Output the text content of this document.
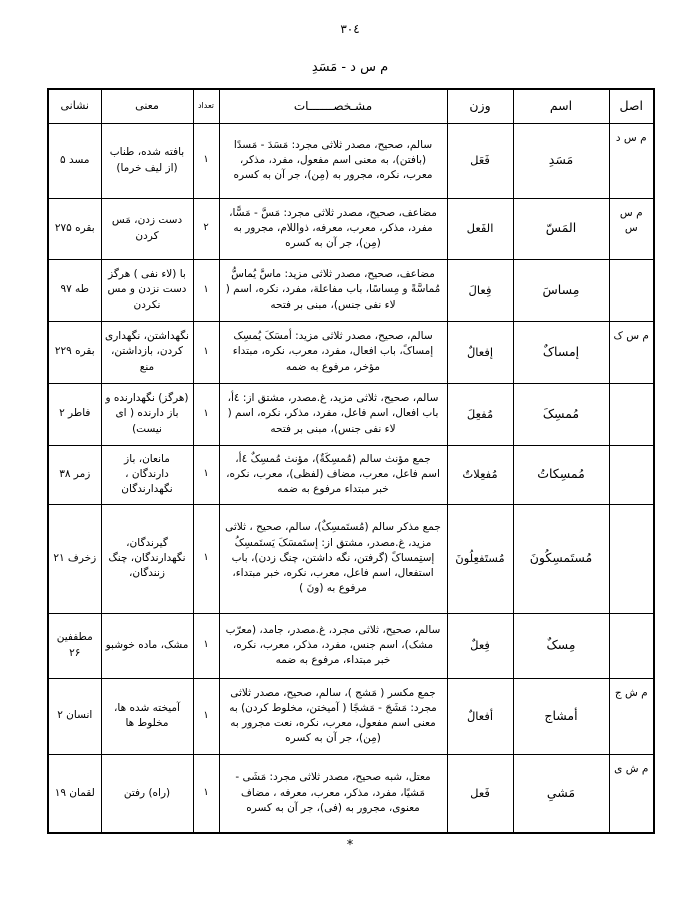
٣٠٤
م س د - مَسَدِ
اصل	اسم	وزن	مشـخصـــــــات	تعداد	معنى	نشانى
م س د	مَسَدِ	فَعَل	سالم، صحیح، مصدر ثلاثی مجرد: مَسَدَ - مَسدًا (بافتن)، به معنی اسم مفعول، مفرد، مذکر، معرب، نکره، مجرور به (مِن)، جر آن به کسره	١	بافته شده، طناب (از لیف خرما)	مسد ۵
م س س	المَسّ	الفَعل	مضاعف، صحیح، مصدر ثلاثی مجرد: مَسَّ - مَسًّا، مفرد، مذکر، معرب، معرفه، ذواللام، مجرور به (مِن)، جر آن به کسره	٢	دست زدن، مَس کردن	بقره ۲۷۵
	مِساسَ	فِعالَ	مضاعف، صحیح، مصدر ثلاثی مزید: ماسَّ یُماسُّ مُماسَّةً و مِساسًا، باب مفاعلة، مفرد، نکره، اسم ( لاء نفی جنس)، مبنی بر فتحه	١	با (لاء نفی ) هرگز دست نزدن و مس نکردن	طه ۹۷
م س ک	إمساکٌ	إفعالٌ	سالم، صحیح، مصدر ثلاثی مزید: أمسَکَ یُمسِک إمساکً، باب افعال، مفرد، معرب، نکره، مبتداء مؤخر، مرفوع به ضمه	١	نگهداشتن، نگهداری کردن، بازداشتن، منع	بقره ۲۲۹
	مُمسِکَ	مُفعِلَ	سالم، صحیح، ثلاثی مزید، غ.مصدر، مشتق از: ٤أ، باب افعال، اسم فاعل، مفرد، مذکر، نکره، اسم ( لاء نفی جنس)، مبنی بر فتحه	١	(هرگز) نگهدارنده و باز دارنده ( ای نیست)	فاطر ۲
	مُمسِکاتُ	مُفعِلاتٌ	جمع مؤنث سالم (مُمسِکَةٌ)، مؤنث مُمسِکٌ ٤أ، اسم فاعل، معرب، مضاف (لفظی)، معرب، نکره، خبر مبتداء مرفوع به ضمه	١	مانعان، باز دارندگان ، نگهدارندگان	زمر ۳۸
	مُستَمسِکُونَ	مُستَفعِلُونَ	جمع مذکر سالم (مُستَمسِکٌ)، سالم، صحیح ، ثلاثی مزید، غ.مصدر، مشتق از: إستَمسَکَ یَستَمسِکُ إستِمساکً (گرفتن، نگه داشتن، چنگ زدن)، باب استفعال، اسم فاعل، معرب، نکره، خبر مبتداء، مرفوع به (ونَ )	١	گیرندگان، نگهدارندگان، چنگ زنندگان،	زخرف ۲۱
	مِسکٌ	فِعلٌ	سالم، صحیح، ثلاثی مجرد، غ.مصدر، جامد، (معرّب مشک)، اسم جنس، مفرد، مذکر، معرب، نکره، خبر مبتداء، مرفوع به ضمه	١	مشک، ماده خوشبو	مطففین ۲۶
م ش ج	أمشاج	أفعالٌ	جمع مکسر ( مَشج )، سالم، صحیح، مصدر ثلاثی مجرد: مَشَجَ - مَشجًا ( آمیختن، مخلوط کردن) به معنی اسم مفعول، معرب، نکره، نعت مجرور به (مِن)، جر آن به کسره	١	آمیخته شده ها، مخلوط ها	انسان ۲
م ش ی	مَشیِ	فَعل	معتل، شبه صحیح، مصدر ثلاثی مجرد: مَشَی - مَشیًا، مفرد، مذکر، معرب، معرفه ، مضاف معنوی، مجرور به (فی)، جر آن به کسره	١	(راه) رفتن	لقمان ۱۹
*
